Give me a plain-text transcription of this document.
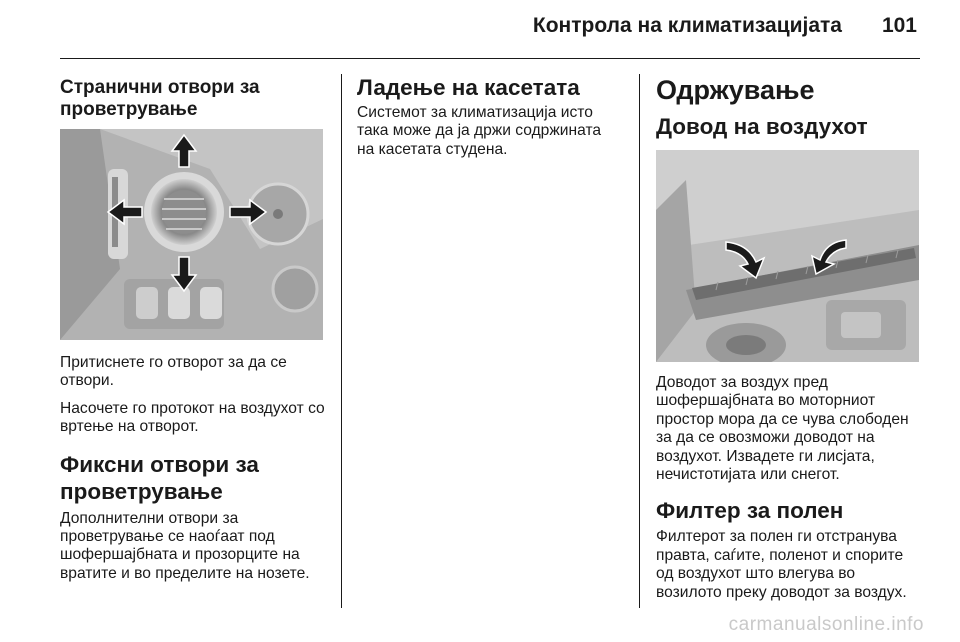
Контрола на климатизацијата 101
Странични отвори за проветрување

Притиснете го отворот за да се отвори.

Насочете го протокот на воздухот со вртење на отворот.

Фиксни отвори за проветрување

Дополнителни отвори за проветрување се наоѓаат под шофершајбната и прозорците на вратите и во пределите на нозете.

Ладење на касетата

Системот за климатизација исто така може да ја држи содржината на касетата студена.

Одржување
Довод на воздухот

Доводот за воздух пред шофершајбната во моторниот простор мора да се чува слободен за да се овозможи доводот на воздухот. Извадете ги лисјата, нечистотијата или снегот.

Филтер за полен

Филтерот за полен ги отстранува правта, саѓите, поленот и спорите од воздухот што влегува во возилото преку доводот за воздух.

carmanualsonline.info
